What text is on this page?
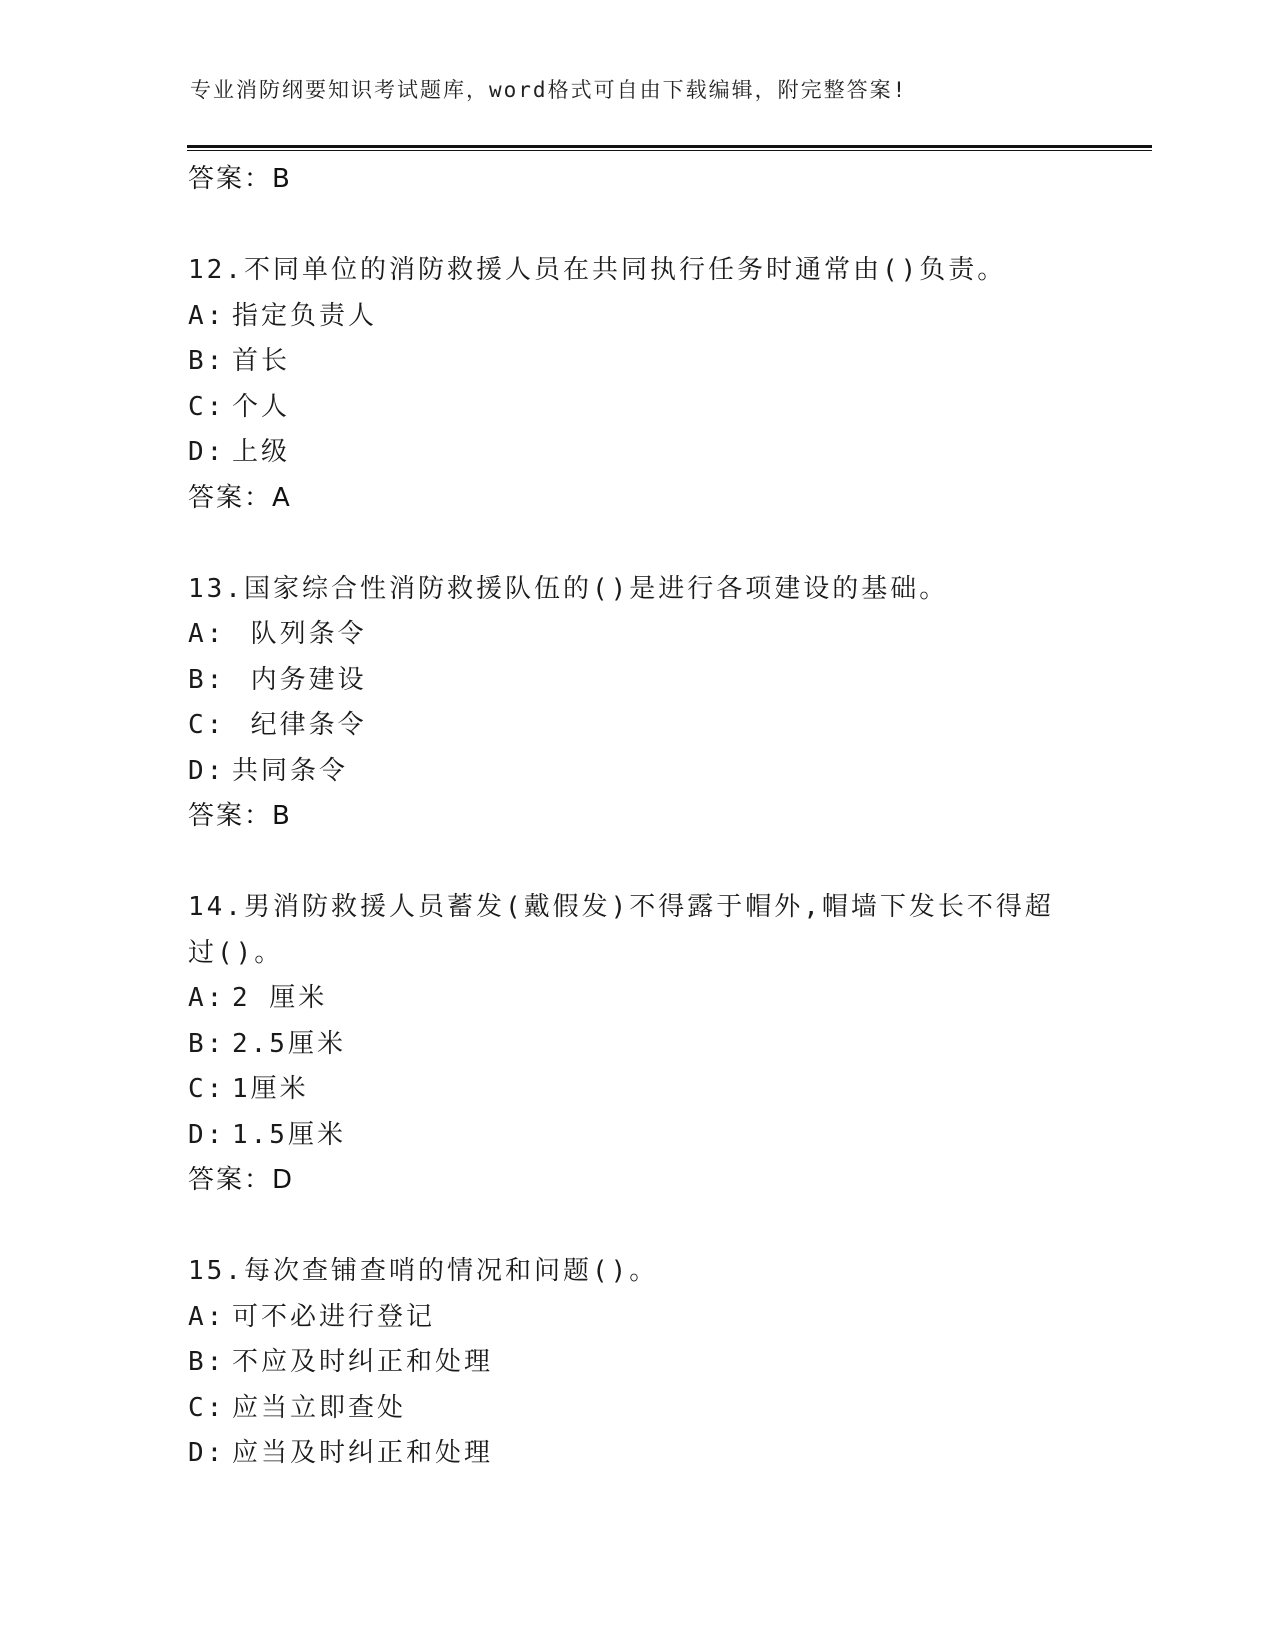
专业消防纲要知识考试题库，word格式可自由下载编辑，附完整答案!
答案：B
12.不同单位的消防救援人员在共同执行任务时通常由()负责。
A: 指定负责人
B: 首长
C: 个人
D: 上级
答案：A
13.国家综合性消防救援队伍的()是进行各项建设的基础。
A: 队列条令
B: 内务建设
C: 纪律条令
D: 共同条令
答案：B
14.男消防救援人员蓄发(戴假发)不得露于帽外,帽墙下发长不得超过()。
A: 2 厘米
B: 2.5厘米
C: 1厘米
D: 1.5厘米
答案：D
15.每次查铺查哨的情况和问题()。
A: 可不必进行登记
B: 不应及时纠正和处理
C: 应当立即查处
D: 应当及时纠正和处理
